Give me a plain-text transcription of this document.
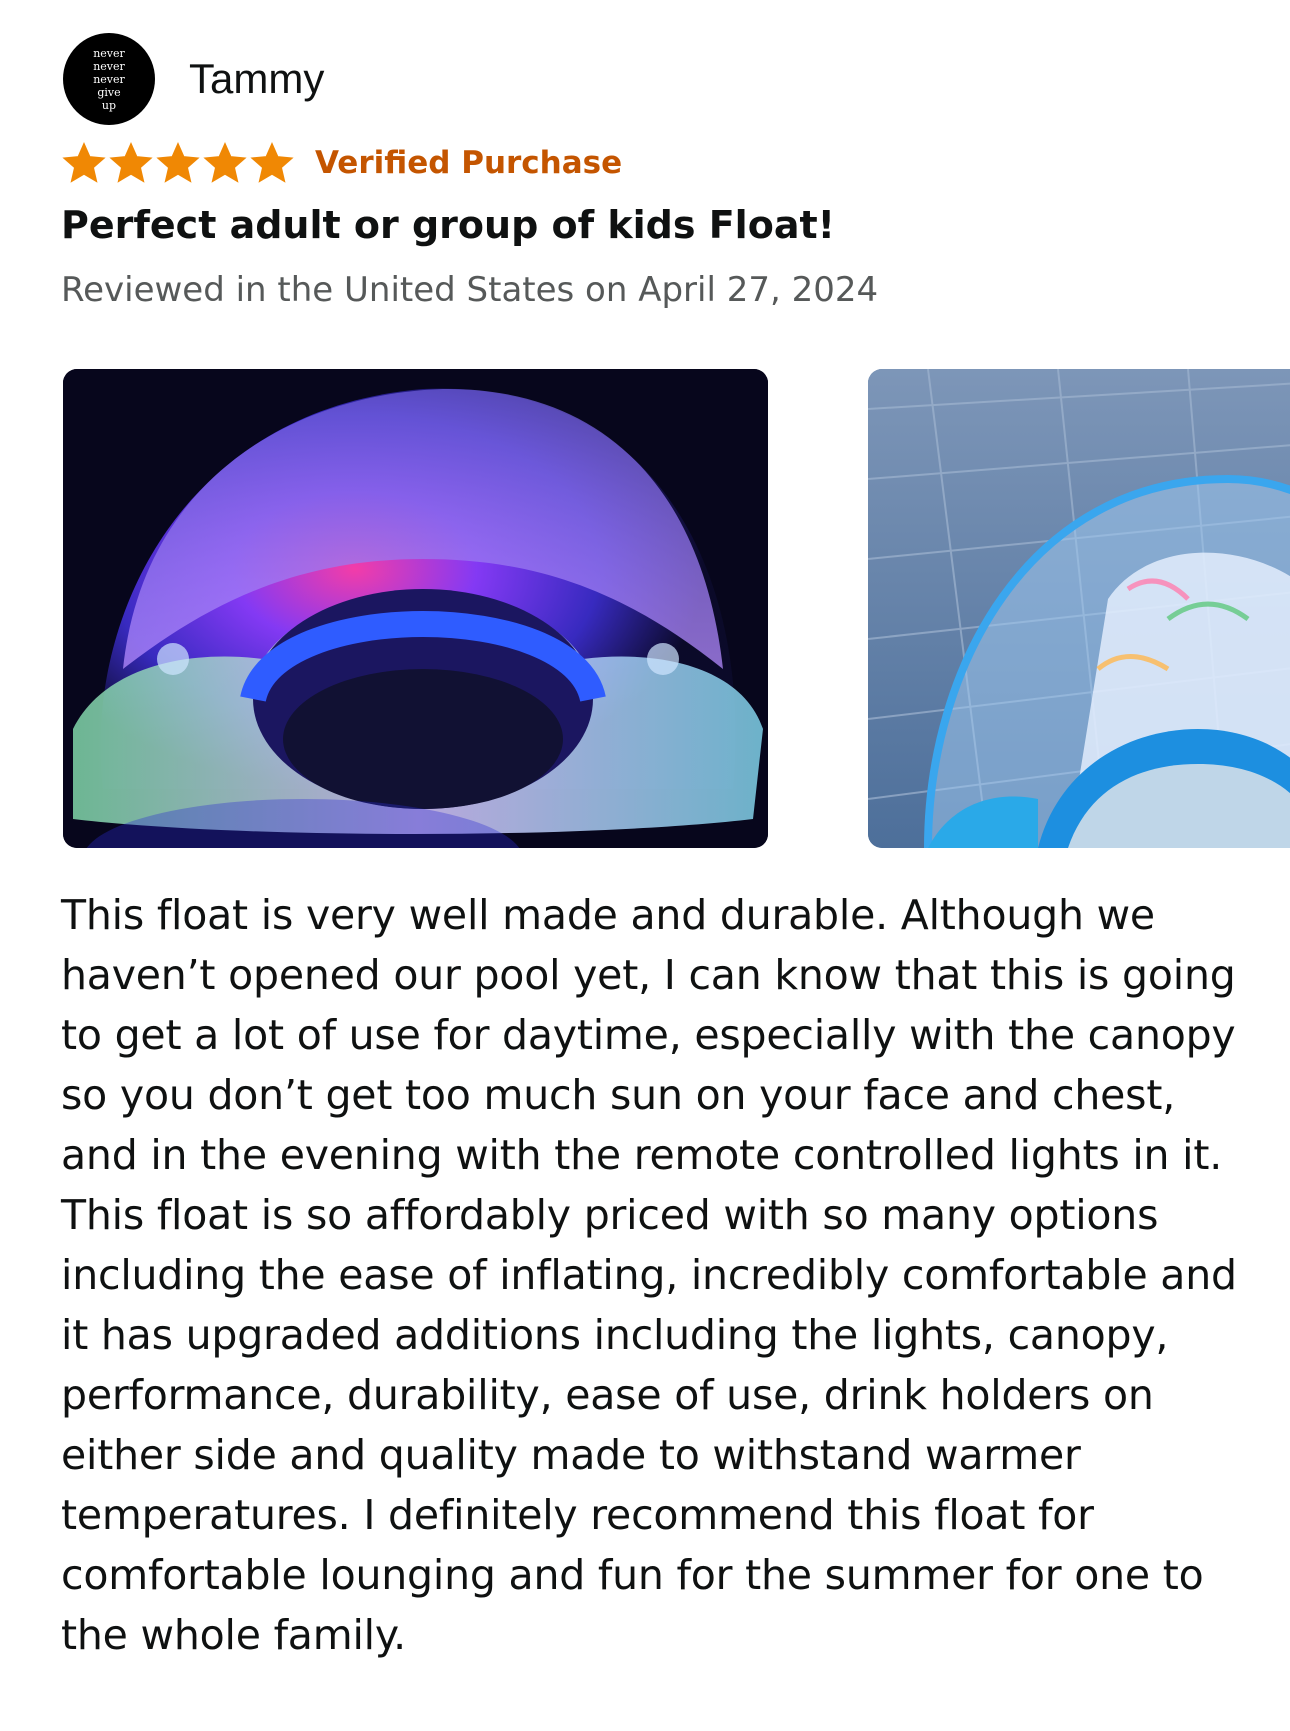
never
never
never
give
up
Tammy
Verified Purchase
Perfect adult or group of kids Float!
Reviewed in the United States on April 27, 2024
This float is very well made and durable. Although we haven’t opened our pool yet, I can know that this is going to get a lot of use for daytime, especially with the canopy so you don’t get too much sun on your face and chest,
and in the evening with the remote controlled lights in it. This float is so affordably priced with so many options including the ease of inflating, incredibly comfortable and it has upgraded additions including the lights, canopy, performance, durability, ease of use, drink holders on either side and quality made to withstand warmer temperatures. I definitely recommend this float for comfortable lounging and fun for the summer for one to the whole family.
